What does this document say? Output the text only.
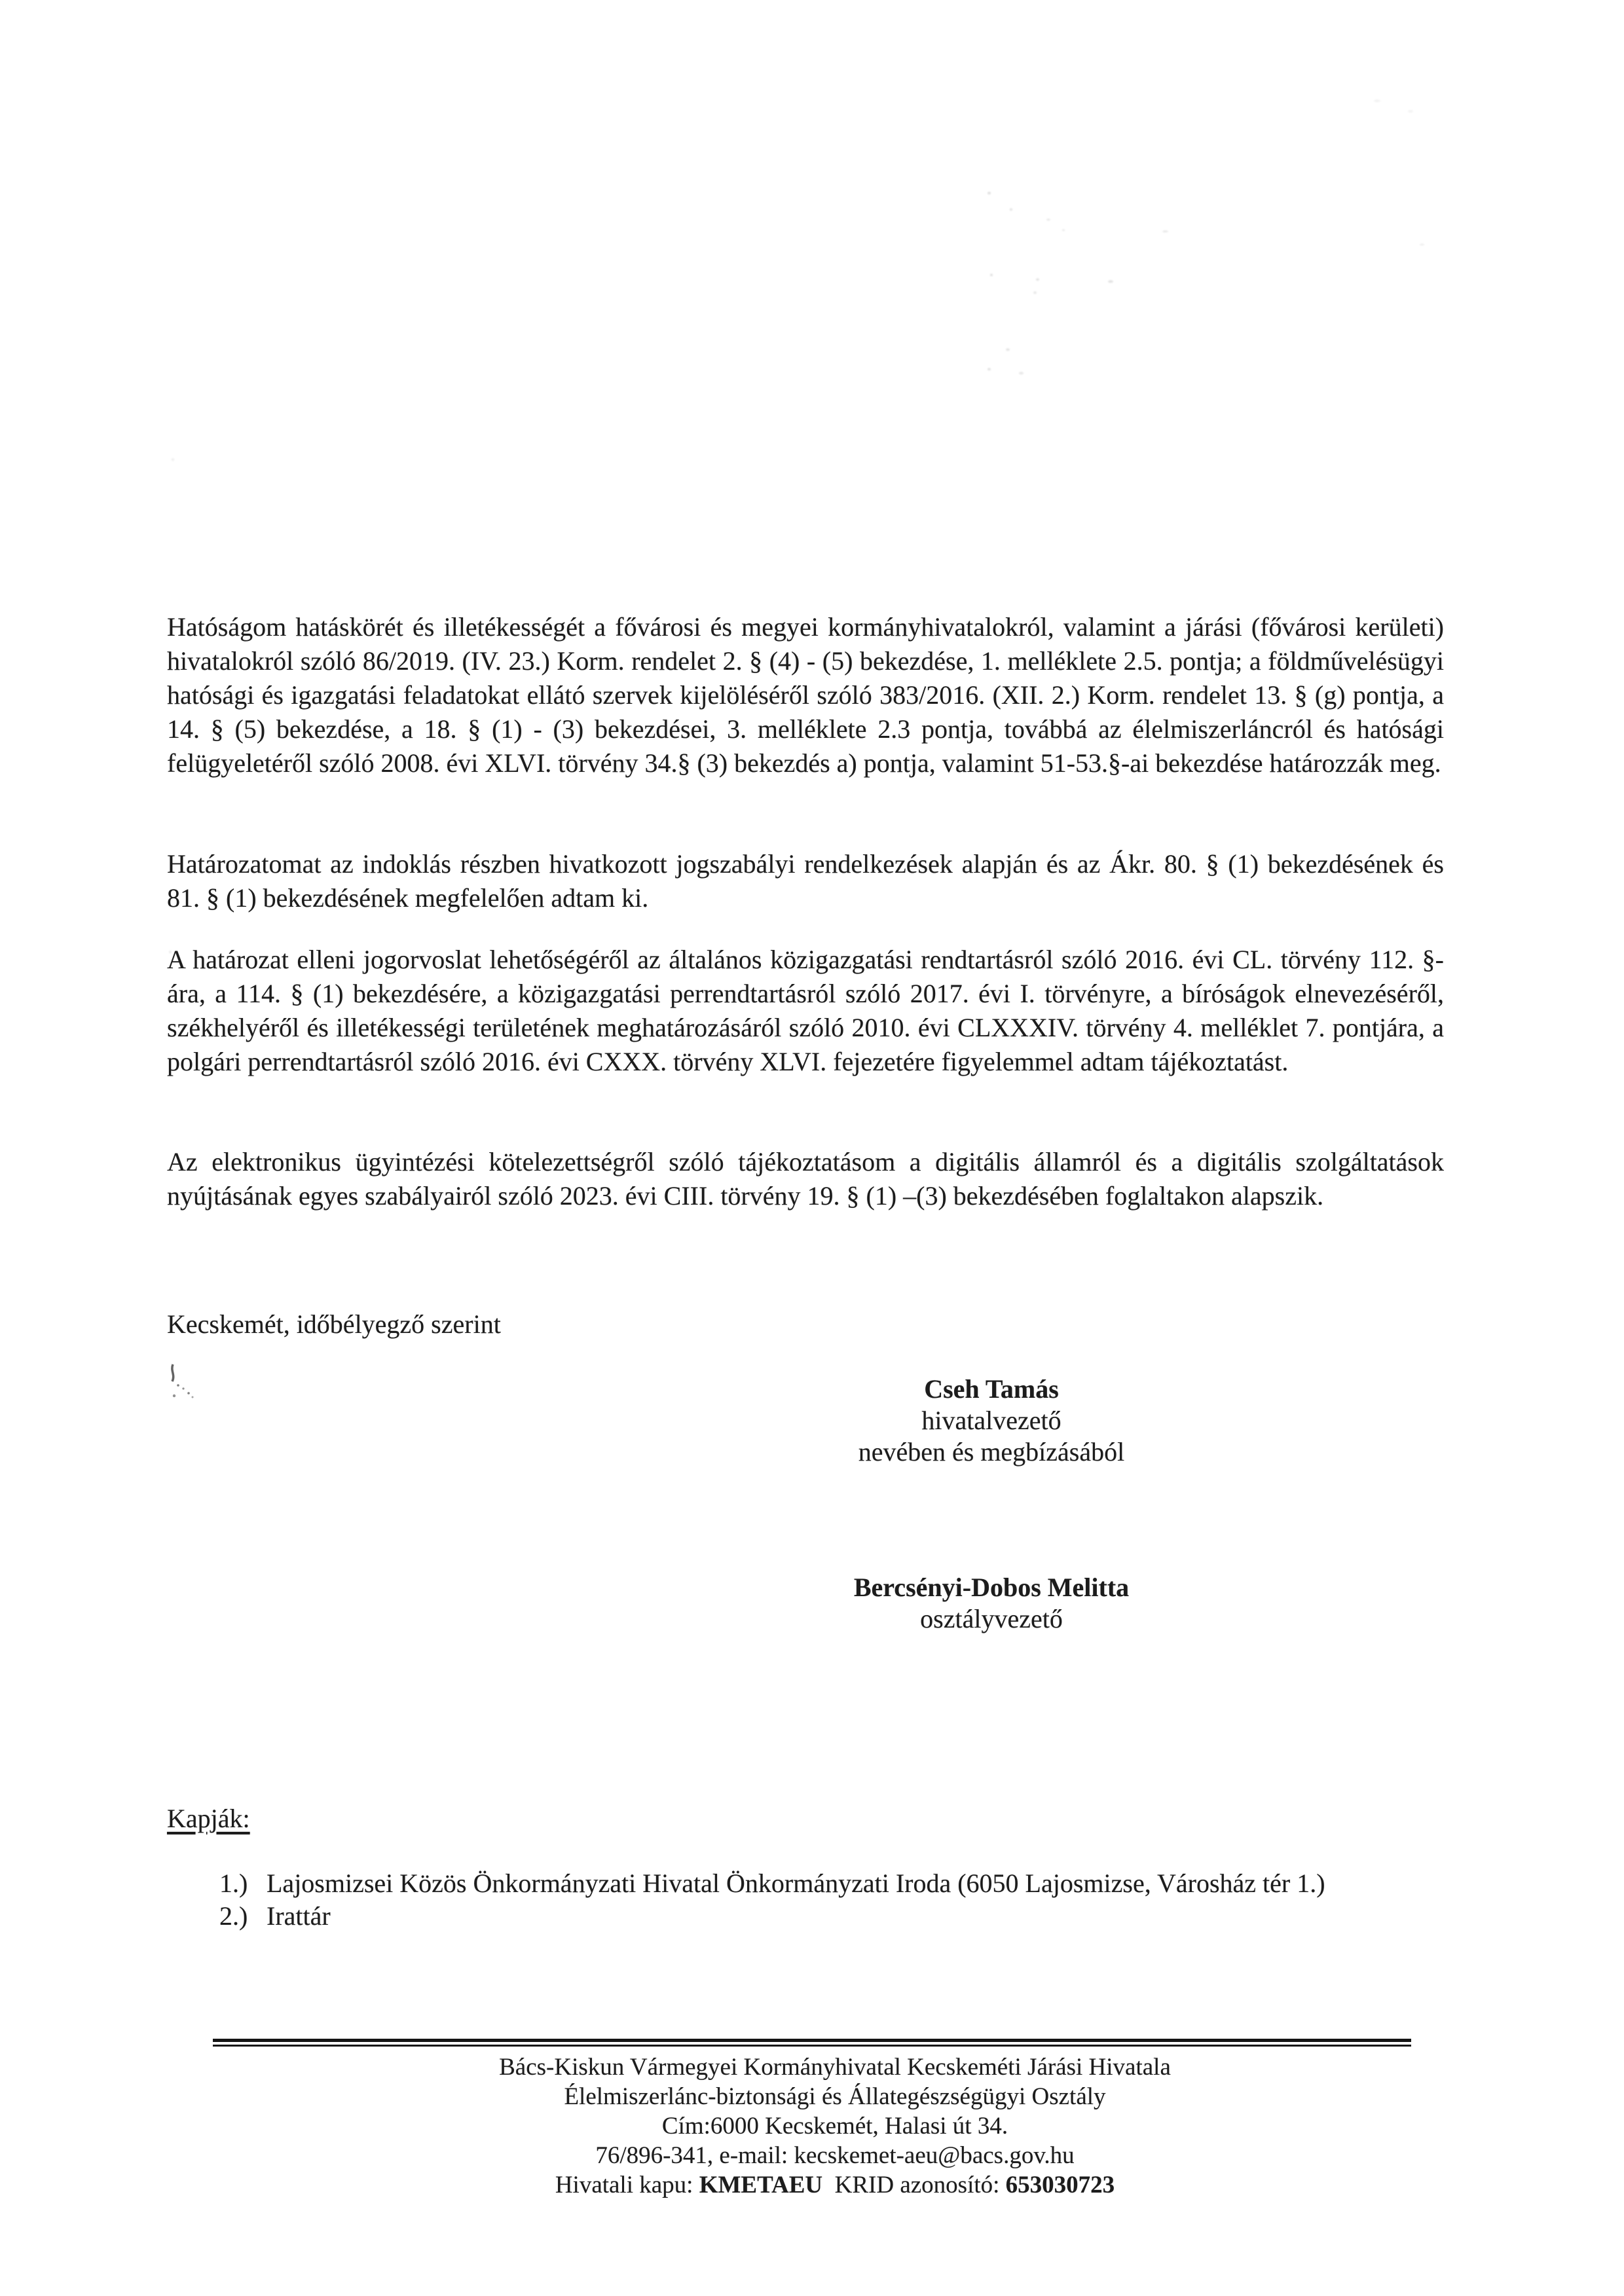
Hatóságom hatáskörét és illetékességét a fővárosi és megyei kormányhivatalokról, valamint a járási (fővárosi kerületi) hivatalokról szóló 86/2019. (IV. 23.) Korm. rendelet 2. § (4) - (5) bekezdése, 1. melléklete 2.5. pontja; a földművelésügyi hatósági és igazgatási feladatokat ellátó szervek kijelöléséről szóló 383/2016. (XII. 2.) Korm. rendelet 13. § (g) pontja, a 14. § (5) bekezdése, a 18. § (1) - (3) bekezdései, 3. melléklete 2.3 pontja, továbbá az élelmiszerláncról és hatósági felügyeletéről szóló 2008. évi XLVI. törvény 34.§ (3) bekezdés a) pontja, valamint 51-53.§-ai bekezdése határozzák meg.

Határozatomat az indoklás részben hivatkozott jogszabályi rendelkezések alapján és az Ákr. 80. § (1) bekezdésének és 81. § (1) bekezdésének megfelelően adtam ki.

A határozat elleni jogorvoslat lehetőségéről az általános közigazgatási rendtartásról szóló 2016. évi CL. törvény 112. §-ára, a 114. § (1) bekezdésére, a közigazgatási perrendtartásról szóló 2017. évi I. törvényre, a bíróságok elnevezéséről, székhelyéről és illetékességi területének meghatározásáról szóló 2010. évi CLXXXIV. törvény 4. melléklet 7. pontjára, a polgári perrendtartásról szóló 2016. évi CXXX. törvény XLVI. fejezetére figyelemmel adtam tájékoztatást.

Az elektronikus ügyintézési kötelezettségről szóló tájékoztatásom a digitális államról és a digitális szolgáltatások nyújtásának egyes szabályairól szóló 2023. évi CIII. törvény 19. § (1) –(3) bekezdésében foglaltakon alapszik.

Kecskemét, időbélyegző szerint
Cseh Tamás
hivatalvezető
nevében és megbízásából
Bercsényi-Dobos Melitta
osztályvezető
Kapják:
1.) Lajosmizsei Közös Önkormányzati Hivatal Önkormányzati Iroda (6050 Lajosmizse, Városház tér 1.)
2.) Irattár
Bács-Kiskun Vármegyei Kormányhivatal Kecskeméti Járási Hivatala
Élelmiszerlánc-biztonsági és Állategészségügyi Osztály
Cím:6000 Kecskemét, Halasi út 34.
76/896-341, e-mail: kecskemet-aeu@bacs.gov.hu
Hivatali kapu: KMETAEU  KRID azonosító: 653030723
